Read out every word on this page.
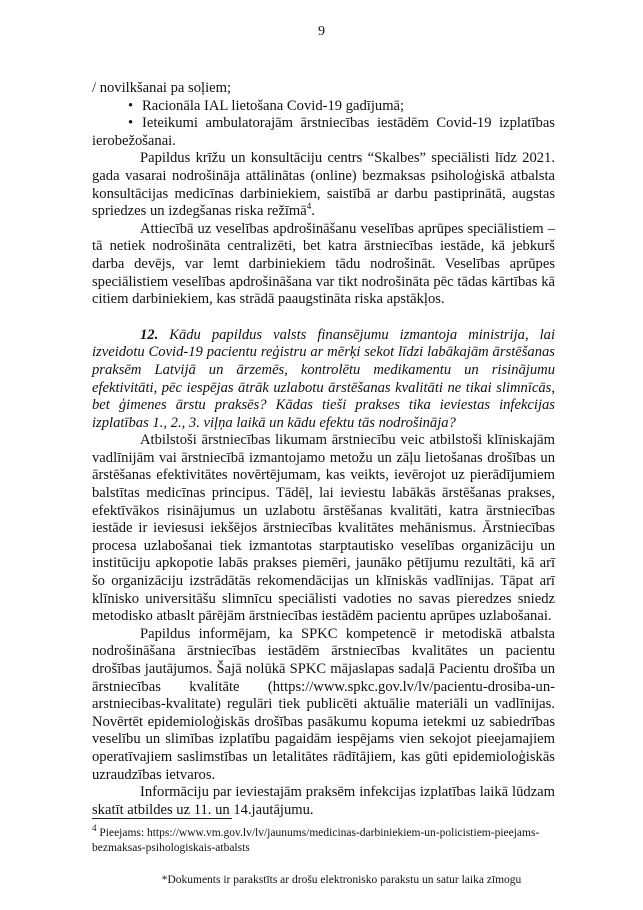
9

/ novilkšanai pa soļiem;

• Racionāla IAL lietošana Covid-19 gadījumā;

• Ieteikumi ambulatorajām ārstniecības iestādēm Covid-19 izplatības ierobežošanai.

Papildus krīžu un konsultāciju centrs “Skalbes” speciālisti līdz 2021. gada vasarai nodrošināja attālinātas (online) bezmaksas psiholoģiskā atbalsta konsultācijas medicīnas darbiniekiem, saistībā ar darbu pastiprinātā, augstas spriedzes un izdegšanas riska režīmā$^4$.

Attiecībā uz veselības apdrošināšanu veselības aprūpes speciālistiem – tā netiek nodrošināta centralizēti, bet katra ārstniecības iestāde, kā jebkurš darba devējs, var lemt darbiniekiem tādu nodrošināt. Veselības aprūpes speciālistiem veselības apdrošināšana var tikt nodrošināta pēc tādas kārtības kā citiem darbiniekiem, kas strādā paaugstināta riska apstākļos.

12. Kādu papildus valsts finansējumu izmantoja ministrija, lai izveidotu Covid-19 pacientu reģistru ar mērķi sekot līdzi labākajām ārstēšanas praksēm Latvijā un ārzemēs, kontrolētu medikamentu un risinājumu efektivitāti, pēc iespējas ātrāk uzlabotu ārstēšanas kvalitāti ne tikai slimnīcās, bet ģimenes ārstu praksēs? Kādas tieši prakses tika ieviestas infekcijas izplatības 1., 2., 3. viļņa laikā un kādu efektu tās nodrošināja?

Atbilstoši ārstniecības likumam ārstniecību veic atbilstoši klīniskajām vadlīnijām vai ārstniecībā izmantojamo metožu un zāļu lietošanas drošības un ārstēšanas efektivitātes novērtējumam, kas veikts, ievērojot uz pierādījumiem balstītas medicīnas principus. Tādēļ, lai ieviestu labākās ārstēšanas prakses, efektīvākos risinājumus un uzlabotu ārstēšanas kvalitāti, katra ārstniecības iestāde ir ieviesusi iekšējos ārstniecības kvalitātes mehānismus. Ārstniecības procesa uzlabošanai tiek izmantotas starptautisko veselības organizāciju un institūciju apkopotie labās prakses piemēri, jaunāko pētījumu rezultāti, kā arī šo organizāciju izstrādātās rekomendācijas un klīniskās vadlīnijas. Tāpat arī klīnisko universitāšu slimnīcu speciālisti vadoties no savas pieredzes sniedz metodisko atbaslt pārējām ārstniecības iestādēm pacientu aprūpes uzlabošanai.

Papildus informējam, ka SPKC kompetencē ir metodiskā atbalsta nodrošināšana ārstniecības iestādēm ārstniecības kvalitātes un pacientu drošības jautājumos. Šajā nolūkā SPKC mājaslapas sadaļā Pacientu drošība un ārstniecības kvalitāte (https://www.spkc.gov.lv/lv/pacientu-drosiba-un-arstniecibas-kvalitate) regulāri tiek publicēti aktuālie materiāli un vadlīnijas. Novērtēt epidemioloģiskās drošības pasākumu kopuma ietekmi uz sabiedrības veselību un slimības izplatību pagaidām iespējams vien sekojot pieejamajiem operatīvajiem saslimstības un letalitātes rādītājiem, kas gūti epidemioloģiskās uzraudzības ietvaros.

Informāciju par ieviestajām praksēm infekcijas izplatības laikā lūdzam skatīt atbildes uz 11. un 14.jautājumu.

$^4$ Pieejams: https://www.vm.gov.lv/lv/jaunums/medicinas-darbiniekiem-un-policistiem-pieejams-bezmaksas-psihologiskais-atbalsts
*Dokuments ir parakstīts ar drošu elektronisko parakstu un satur laika zīmogu
